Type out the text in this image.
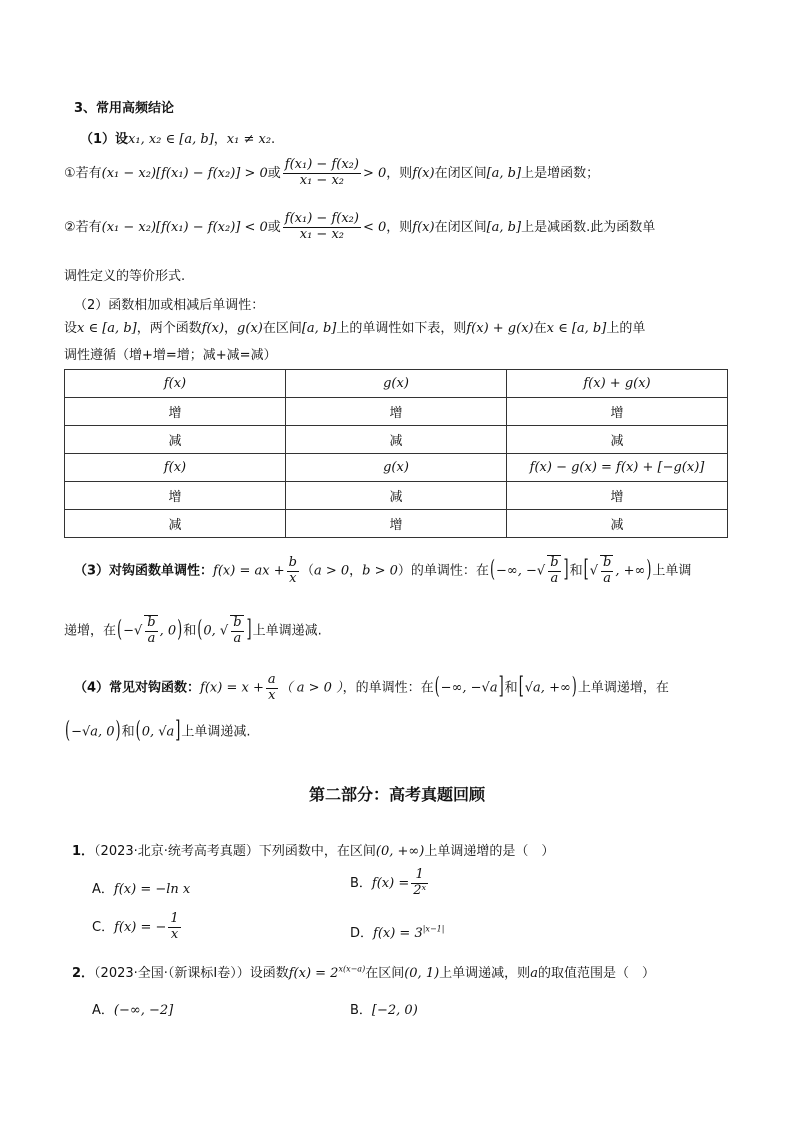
3、常用高频结论
（1）设x₁, x₂ ∈ [a, b]，x₁ ≠ x₂.
①若有(x₁ − x₂)[f(x₁) − f(x₂)] > 0或 $\frac{\text{f(x₁) − f(x₂)}}{\text{x₁ − x₂}} > 0$，则f(x)在闭区间[a, b]上是增函数；
②若有(x₁ − x₂)[f(x₁) − f(x₂)] < 0或 $\frac{\text{f(x₁) − f(x₂)}}{\text{x₁ − x₂}} < 0$，则f(x)在闭区间[a, b]上是减函数.此为函数单
调性定义的等价形式.
（2）函数相加或相减后单调性：
设x ∈ [a, b]，两个函数f(x)，g(x)在区间[a, b]上的单调性如下表，则f(x) + g(x)在x ∈ [a, b]上的单
调性遵循（增+增=增；减+减=减）
f(x)	g(x)	f(x) + g(x)
增	增	增
减	减	减
f(x)	g(x)	f(x) − g(x) = f(x) + [−g(x)]
增	减	增
减	增	减
（3）对钩函数单调性：f(x) = ax + $\frac{b}{x} (a > 0$，b > 0）的单调性：在(−∞, −√ $\frac{b}{a}$ ]和[√ $\frac{b}{a}$ , +∞)上单调
递增，在(−√ $\frac{b}{a}$ , 0)和(0, √ $\frac{b}{a}$ ]上单调递减.
（4）常见对钩函数：$f(x) = x + \frac{a}{x}$ （ a > 0 ），的单调性：在(−∞, −√a]和[√a, +∞)上单调递增，在
(−√a, 0)和(0, √a]上单调递减.
第二部分：高考真题回顾
1．（2023·北京·统考高考真题）下列函数中，在区间(0, +∞)上单调递增的是（　）
A．f(x) = −ln x	B．$f(x) = \frac{1}{\text{2ˣ}}$
C．f(x) = − $\frac{1}{x}$	D．$f(x) = 3^{|x-1|}$
2．（2023·全国·（新课标Ⅰ卷））设函数$f(x) = 2^{x(x-a)}$在区间(0, 1)上单调递减，则a的取值范围是（　）
A．(−∞, −2]	B．[−2, 0)
